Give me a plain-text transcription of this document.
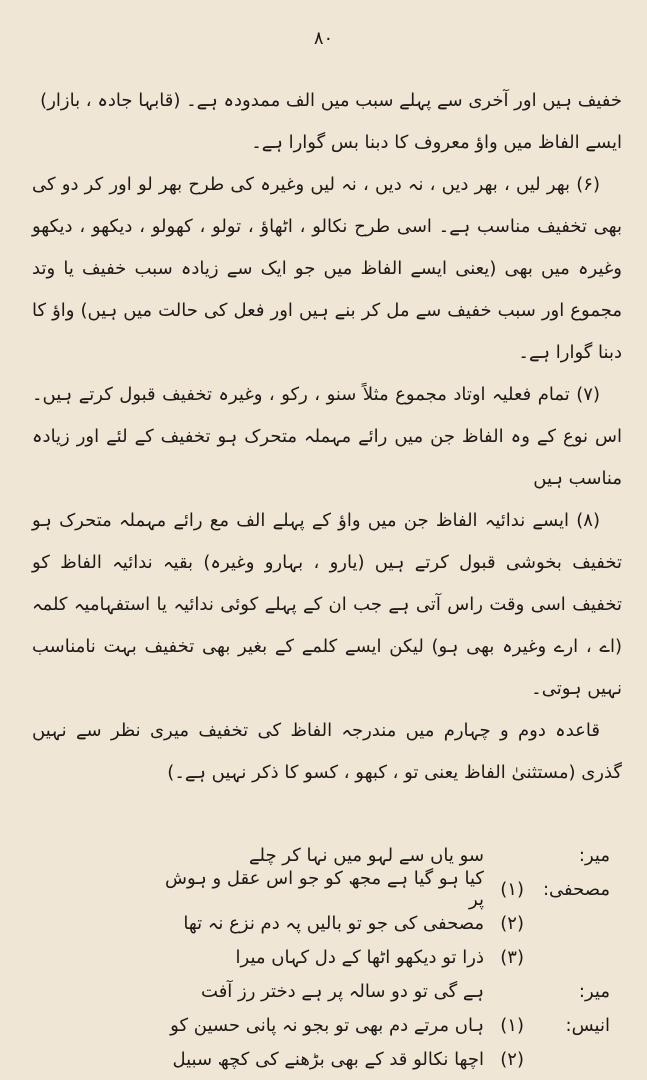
۸۰

خفیف ہیں اور آخری سے پہلے سبب میں الف ممدودہ ہے۔ (قابہا جادہ ، بازار)

ایسے الفاظ میں واؤ معروف کا دبنا بس گوارا ہے۔

(۶) بھر لیں ، بھر دیں ، نہ دیں ، نہ لیں وغیرہ کی طرح بھر لو اور کر دو کی بھی تخفیف مناسب ہے۔ اسی طرح نکالو ، اٹھاؤ ، تولو ، کھولو ، دیکھو ، دیکھو وغیرہ میں بھی (یعنی ایسے الفاظ میں جو ایک سے زیادہ سبب خفیف یا وتد مجموع اور سبب خفیف سے مل کر بنے ہیں اور فعل کی حالت میں ہیں) واؤ کا دبنا گوارا ہے۔

(۷) تمام فعلیہ اوتاد مجموع مثلاً سنو ، رکو ، وغیرہ تخفیف قبول کرتے ہیں۔ اس نوع کے وہ الفاظ جن میں رائے مہملہ متحرک ہو تخفیف کے لئے اور زیادہ مناسب ہیں

(۸) ایسے ندائیہ الفاظ جن میں واؤ کے پہلے الف مع رائے مہملہ متحرک ہو تخفیف بخوشی قبول کرتے ہیں (یارو ، بہارو وغیرہ) بقیہ ندائیہ الفاظ کو تخفیف اسی وقت راس آتی ہے جب ان کے پہلے کوئی ندائیہ یا استفہامیہ کلمہ (اے ، ارے وغیرہ بھی ہو) لیکن ایسے کلمے کے بغیر بھی تخفیف بہت نامناسب نہیں ہوتی۔

قاعدہ دوم و چہارم میں مندرجہ الفاظ کی تخفیف میری نظر سے نہیں گذری (مستثنیٰ الفاظ یعنی تو ، کبھو ، کسو کا ذکر نہیں ہے۔)

میر:
سو یاں سے لہو میں نہا کر چلے
مصحفی:
(۱)
کیا ہو گیا ہے مجھ کو جو اس عقل و ہوش پر
(۲)
مصحفی کی جو تو بالیں پہ دم نزع نہ تھا
(۳)
ذرا تو دیکھو اٹھا کے دل کہاں میرا
میر:
ہے گی تو دو سالہ پر ہے دختر رز آفت
انیس:
(۱)
ہاں مرتے دم بھی تو بجو نہ پانی حسین کو
(۲)
اچھا نکالو قد کے بھی بڑھنے کی کچھ سبیل
